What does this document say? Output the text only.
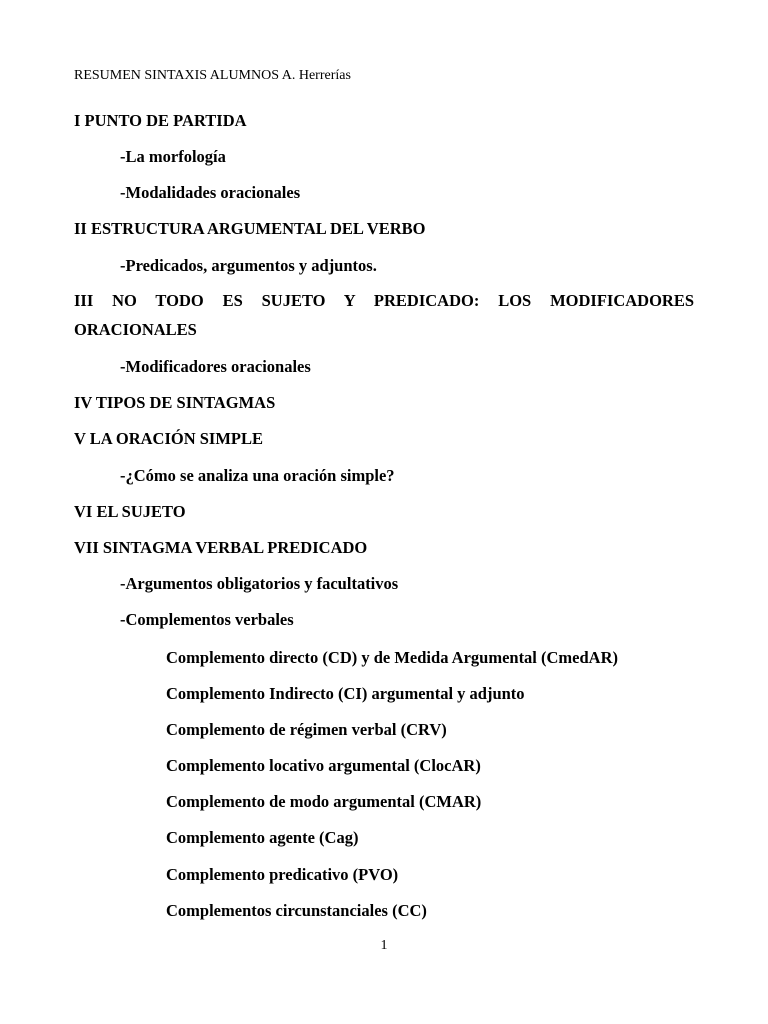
RESUMEN SINTAXIS ALUMNOS A. Herrerías
I PUNTO DE PARTIDA
-La morfología
-Modalidades oracionales
II ESTRUCTURA ARGUMENTAL DEL VERBO
-Predicados, argumentos y adjuntos.
III NO TODO ES SUJETO Y PREDICADO: LOS MODIFICADORES
ORACIONALES
-Modificadores oracionales
IV TIPOS DE SINTAGMAS
V LA ORACIÓN SIMPLE
-¿Cómo se analiza una oración simple?
VI EL SUJETO
VII SINTAGMA VERBAL PREDICADO
-Argumentos obligatorios y facultativos
-Complementos verbales
Complemento directo (CD) y de Medida Argumental (CmedAR)
Complemento Indirecto (CI) argumental y adjunto
Complemento de régimen verbal (CRV)
Complemento locativo argumental (ClocAR)
Complemento de modo argumental (CMAR)
Complemento agente (Cag)
Complemento predicativo (PVO)
Complementos circunstanciales (CC)
1
